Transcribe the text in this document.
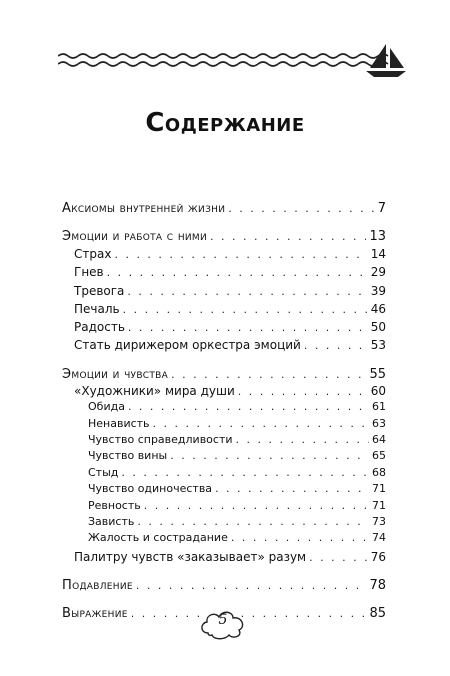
Содержание
Аксиомы внутренней жизни . . .	7
Эмоции и работа с ними . . .	13
Страх . . .	14
Гнев . . .	29
Тревога . . .	39
Печаль . . .	46
Радость . . .	50
Стать дирижером оркестра эмоций . . .	53
Эмоции и чувства . . .	55
«Художники» мира души . . .	60
Обида . . .	61
Ненависть . . .	63
Чувство справедливости . . .	64
Чувство вины . . .	65
Стыд . . .	68
Чувство одиночества . . .	71
Ревность . . .	71
Зависть . . .	73
Жалость и сострадание . . .	74
Палитру чувств «заказывает» разум . . .	76
Подавление . . .	78
Выражение . . .	85
5
